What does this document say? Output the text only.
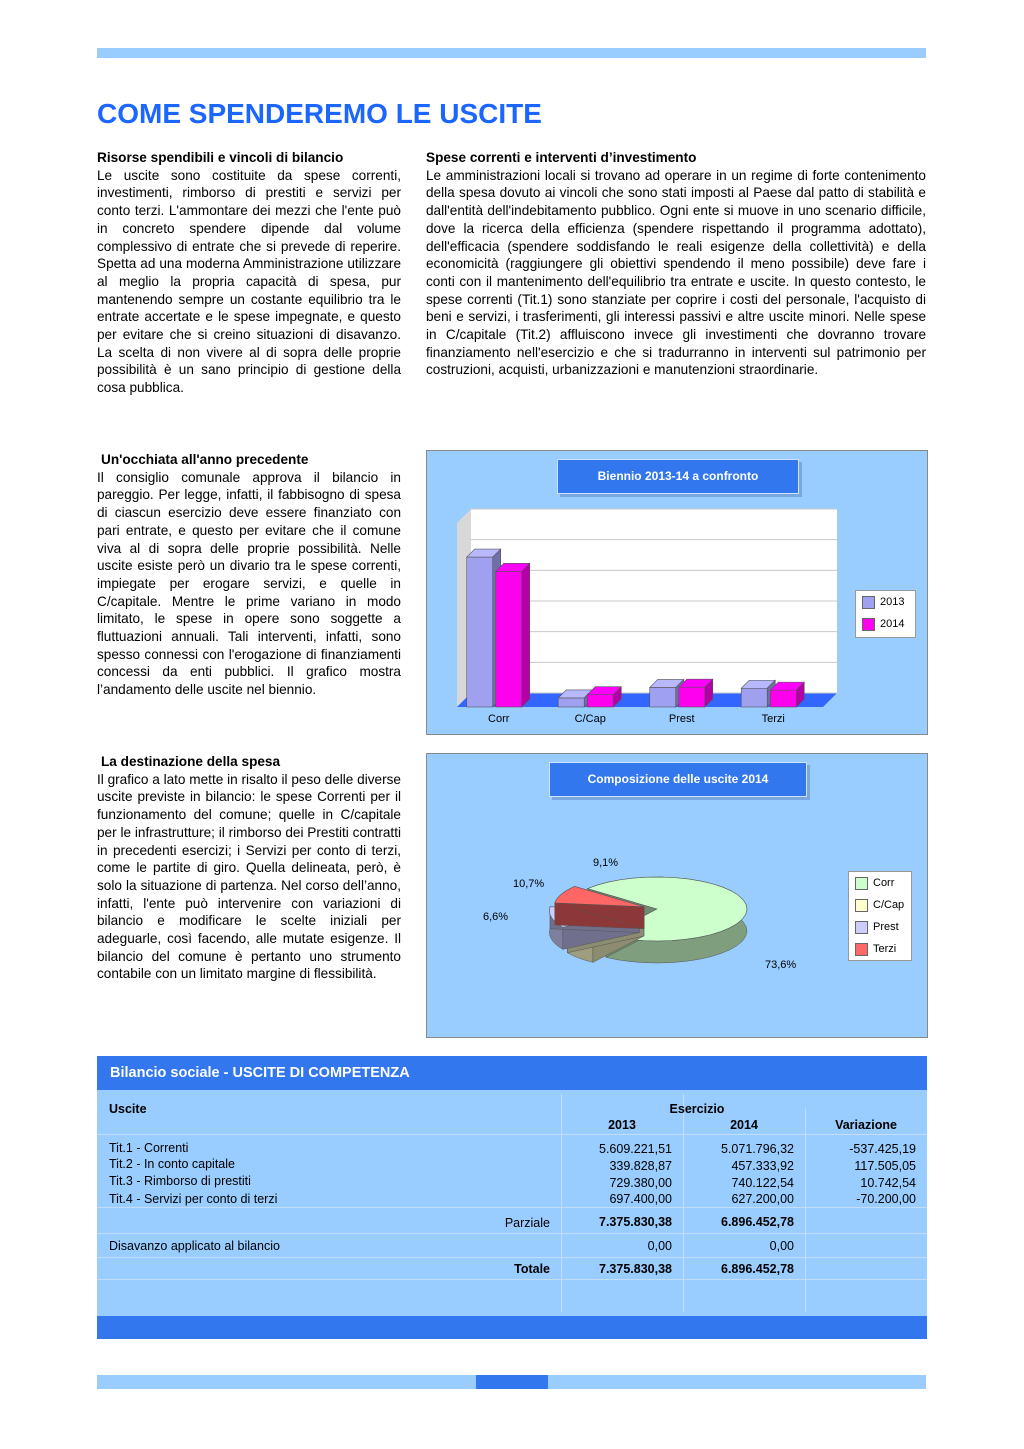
COME SPENDEREMO LE USCITE
Risorse spendibili e vincoli di bilancio

Le uscite sono costituite da spese correnti, investimenti, rimborso di prestiti e servizi per conto terzi. L'ammontare dei mezzi che l'ente può in concreto spendere dipende dal volume complessivo di entrate che si prevede di reperire. Spetta ad una moderna Amministrazione utilizzare al meglio la propria capacità di spesa, pur mantenendo sempre un costante equilibrio tra le entrate accertate e le spese impegnate, e questo per evitare che si creino situazioni di disavanzo. La scelta di non vivere al di sopra delle proprie possibilità è un sano principio di gestione della cosa pubblica.

Spese correnti e interventi d’investimento

Le amministrazioni locali si trovano ad operare in un regime di forte contenimento della spesa dovuto ai vincoli che sono stati imposti al Paese dal patto di stabilità e dall'entità dell'indebitamento pubblico. Ogni ente si muove in uno scenario difficile, dove la ricerca della efficienza (spendere rispettando il programma adottato), dell'efficacia (spendere soddisfando le reali esigenze della collettività) e della economicità (raggiungere gli obiettivi spendendo il meno possibile) deve fare i conti con il mantenimento dell'equilibrio tra entrate e uscite. In questo contesto, le spese correnti (Tit.1) sono stanziate per coprire i costi del personale, l'acquisto di beni e servizi, i trasferimenti, gli interessi passivi e altre uscite minori. Nelle spese in C/capitale (Tit.2) affluiscono invece gli investimenti che dovranno trovare finanziamento nell'esercizio e che si tradurranno in interventi sul patrimonio per costruzioni, acquisti, urbanizzazioni e manutenzioni straordinarie.

Un'occhiata all'anno precedente

Il consiglio comunale approva il bilancio in pareggio. Per legge, infatti, il fabbisogno di spesa di ciascun esercizio deve essere finanziato con pari entrate, e questo per evitare che il comune viva al di sopra delle proprie possibilità. Nelle uscite esiste però un divario tra le spese correnti, impiegate per erogare servizi, e quelle in C/capitale. Mentre le prime variano in modo limitato, le spese in opere sono soggette a fluttuazioni annuali. Tali interventi, infatti, sono spesso connessi con l'erogazione di finanziamenti concessi da enti pubblici. Il grafico mostra l’andamento delle uscite nel biennio.

La destinazione della spesa

Il grafico a lato mette in risalto il peso delle diverse uscite previste in bilancio: le spese Correnti per il funzionamento del comune; quelle in C/capitale per le infrastrutture; il rimborso dei Prestiti contratti in precedenti esercizi; i Servizi per conto di terzi, come le partite di giro. Quella delineata, però, è solo la situazione di partenza. Nel corso dell’anno, infatti, l'ente può intervenire con variazioni di bilancio e modificare le scelte iniziali per adeguarle, così facendo, alle mutate esigenze. Il bilancio del comune è pertanto uno strumento contabile con un limitato margine di flessibilità.

Biennio 2013-14 a confronto
Corr	C/Cap	Prest	Terzi
2013
2014
Composizione delle uscite 2014
73,6%
6,6%
10,7%
9,1%
Corr
C/Cap
Prest
Terzi
Bilancio sociale - USCITE DI COMPETENZA
Uscite	Esercizio
2013	2014	Variazione
Tit.1 - Correnti	5.609.221,51	5.071.796,32	-537.425,19
Tit.2 - In conto capitale	339.828,87	457.333,92	117.505,05
Tit.3 - Rimborso di prestiti	729.380,00	740.122,54	10.742,54
Tit.4 - Servizi per conto di terzi	697.400,00	627.200,00	-70.200,00
Parziale	7.375.830,38	6.896.452,78
Disavanzo applicato al bilancio	0,00	0,00
Totale	7.375.830,38	6.896.452,78
